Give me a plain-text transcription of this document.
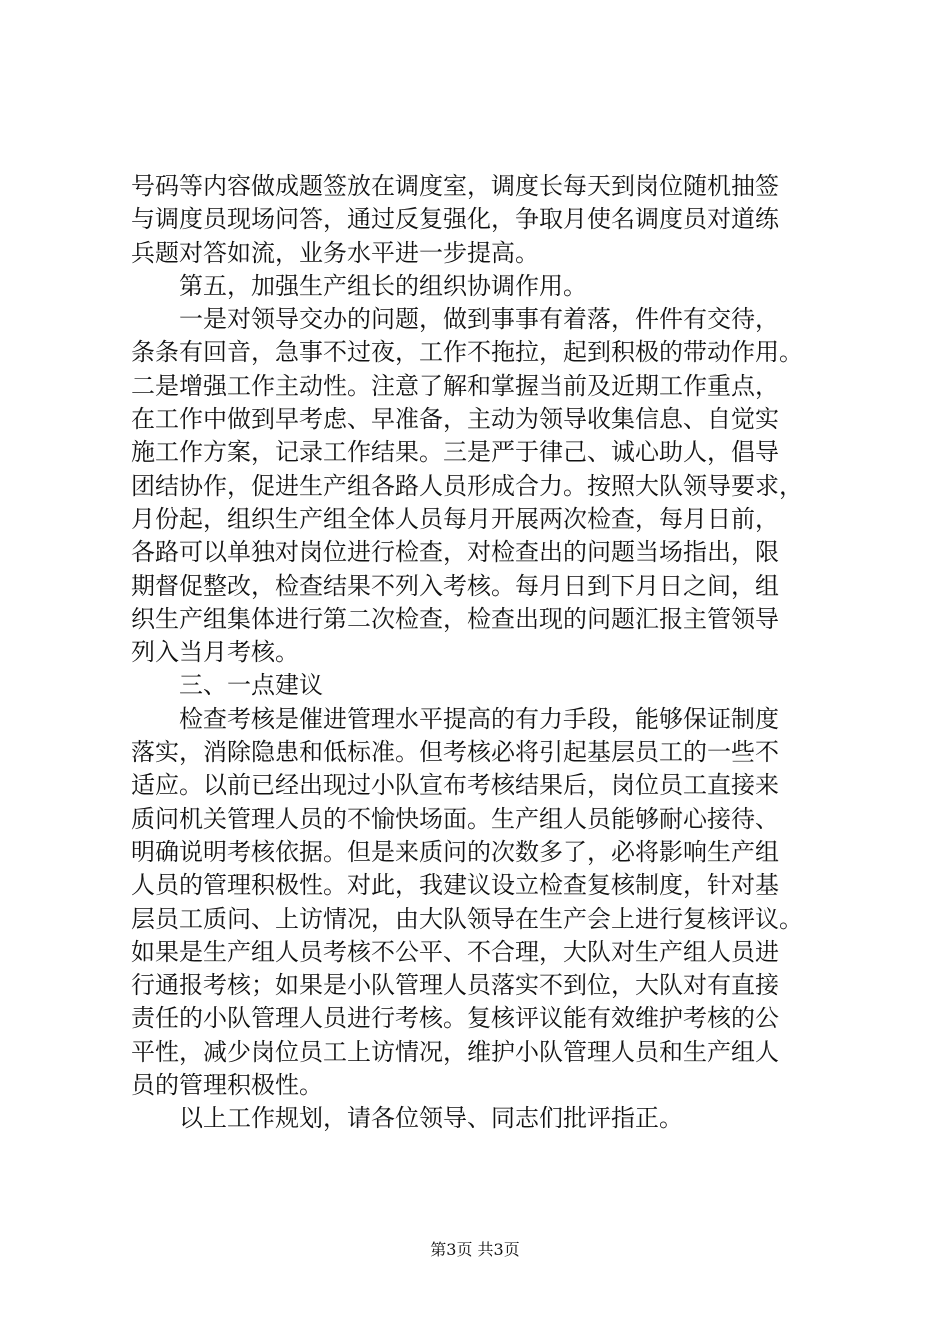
号码等内容做成题签放在调度室，调度长每天到岗位随机抽签
与调度员现场问答，通过反复强化，争取月使名调度员对道练
兵题对答如流，业务水平进一步提高。
第五，加强生产组长的组织协调作用。
一是对领导交办的问题，做到事事有着落，件件有交待，
条条有回音，急事不过夜，工作不拖拉，起到积极的带动作用。
二是增强工作主动性。注意了解和掌握当前及近期工作重点，
在工作中做到早考虑、早准备，主动为领导收集信息、自觉实
施工作方案，记录工作结果。三是严于律己、诚心助人，倡导
团结协作，促进生产组各路人员形成合力。按照大队领导要求，
月份起，组织生产组全体人员每月开展两次检查，每月日前，
各路可以单独对岗位进行检查，对检查出的问题当场指出，限
期督促整改，检查结果不列入考核。每月日到下月日之间，组
织生产组集体进行第二次检查，检查出现的问题汇报主管领导
列入当月考核。
三、一点建议
检查考核是催进管理水平提高的有力手段，能够保证制度
落实，消除隐患和低标准。但考核必将引起基层员工的一些不
适应。以前已经出现过小队宣布考核结果后，岗位员工直接来
质问机关管理人员的不愉快场面。生产组人员能够耐心接待、
明确说明考核依据。但是来质问的次数多了，必将影响生产组
人员的管理积极性。对此，我建议设立检查复核制度，针对基
层员工质问、上访情况，由大队领导在生产会上进行复核评议。
如果是生产组人员考核不公平、不合理，大队对生产组人员进
行通报考核；如果是小队管理人员落实不到位，大队对有直接
责任的小队管理人员进行考核。复核评议能有效维护考核的公
平性，减少岗位员工上访情况，维护小队管理人员和生产组人
员的管理积极性。
以上工作规划，请各位领导、同志们批评指正。
第3页 共3页
